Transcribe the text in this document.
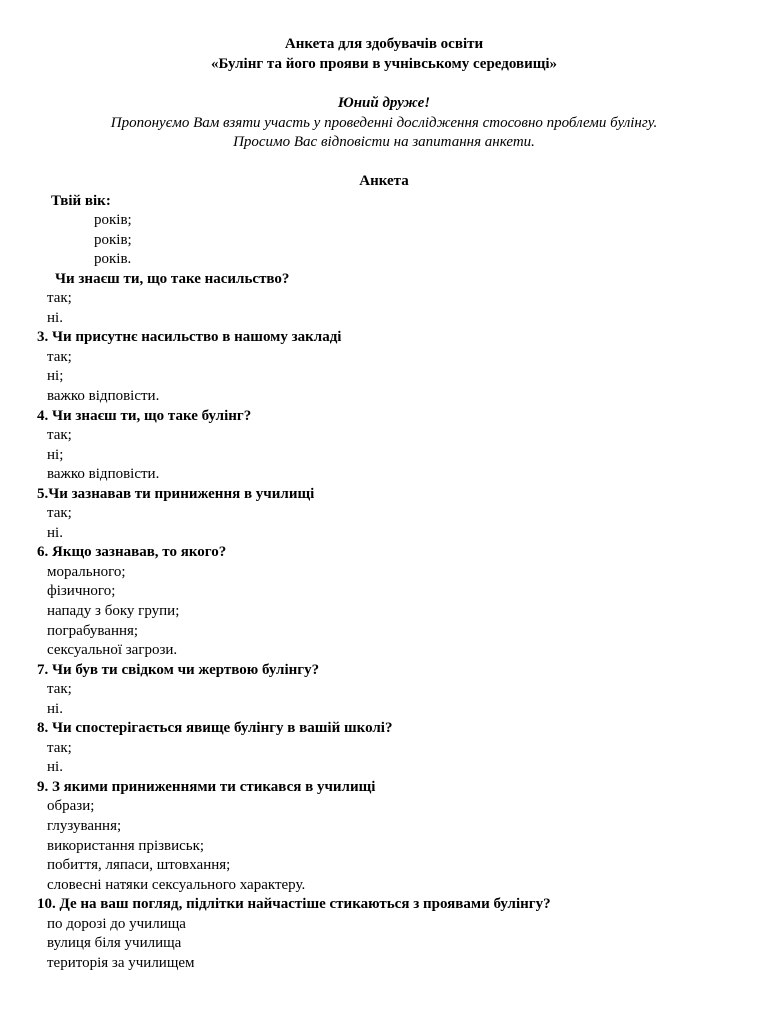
Анкета для здобувачів освіти
«Булінг та його прояви в учнівському середовищі»
Юний друже!
Пропонуємо Вам взяти участь у проведенні дослідження стосовно проблеми булінгу.
Просимо Вас відповісти на запитання анкети.
Анкета
Твій вік:
років;
років;
років.
Чи знаєш ти, що таке насильство?
так;
ні.
3. Чи присутнє насильство в нашому закладі
так;
ні;
важко відповісти.
4. Чи знаєш ти, що таке булінг?
так;
ні;
важко відповісти.
5.Чи зазнавав ти приниження в училищі
так;
ні.
6. Якщо зазнавав, то якого?
морального;
фізичного;
нападу з боку групи;
пограбування;
сексуальної загрози.
7. Чи був ти свідком чи жертвою булінгу?
так;
ні.
8. Чи спостерігається явище булінгу в вашій школі?
так;
ні.
9. З якими приниженнями ти стикався в училищі
образи;
глузування;
використання прізвиськ;
побиття, ляпаси, штовхання;
словесні натяки сексуального характеру.
10. Де на ваш погляд, підлітки найчастіше стикаються з проявами булінгу?
по дорозі до училища
вулиця біля училища
територія за училищем
